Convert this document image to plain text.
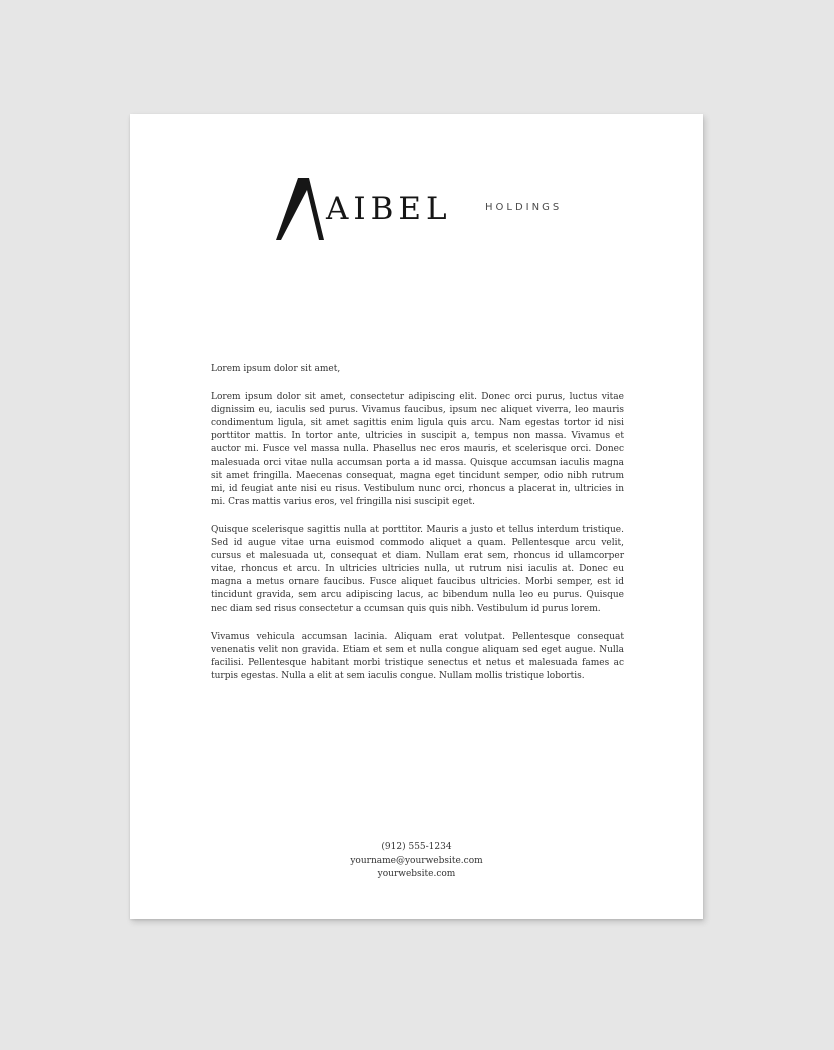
AIBEL	HOLDINGS

Lorem ipsum dolor sit amet,

Lorem ipsum dolor sit amet, consectetur adipiscing elit. Donec orci purus, luctus vitae dignissim eu, iaculis sed purus. Vivamus faucibus, ipsum nec aliquet viverra, leo mauris condimentum ligula, sit amet sagittis enim ligula quis arcu. Nam egestas tortor id nisi porttitor mattis. In tortor ante, ultricies in suscipit a, tempus non massa. Vivamus et auctor mi. Fusce vel massa nulla. Phasellus nec eros mauris, et scelerisque orci. Donec malesuada orci vitae nulla accumsan porta a id massa. Quisque accumsan iaculis magna sit amet fringilla. Maecenas consequat, magna eget tincidunt semper, odio nibh rutrum mi, id feugiat ante nisi eu risus. Vestibulum nunc orci, rhoncus a placerat in, ultricies in mi. Cras mattis varius eros, vel fringilla nisi suscipit eget.

Quisque scelerisque sagittis nulla at porttitor. Mauris a justo et tellus interdum tristique. Sed id augue vitae urna euismod commodo aliquet a quam. Pellentesque arcu velit, cursus et malesuada ut, consequat et diam. Nullam erat sem, rhoncus id ullamcorper vitae, rhoncus et arcu. In ultricies ultricies nulla, ut rutrum nisi iaculis at. Donec eu magna a metus ornare faucibus. Fusce aliquet faucibus ultricies. Morbi semper, est id tincidunt gravida, sem arcu adipiscing lacus, ac bibendum nulla leo eu purus. Quisque nec diam sed risus consectetur a ccumsan quis quis nibh. Vestibulum id purus lorem.

Vivamus vehicula accumsan lacinia. Aliquam erat volutpat. Pellentesque consequat venenatis velit non gravida. Etiam et sem et nulla congue aliquam sed eget augue. Nulla facilisi. Pellentesque habitant morbi tristique senectus et netus et malesuada fames ac turpis egestas. Nulla a elit at sem iaculis congue. Nullam mollis tristique lobortis.

(912) 555-1234
yourname@yourwebsite.com
yourwebsite.com
